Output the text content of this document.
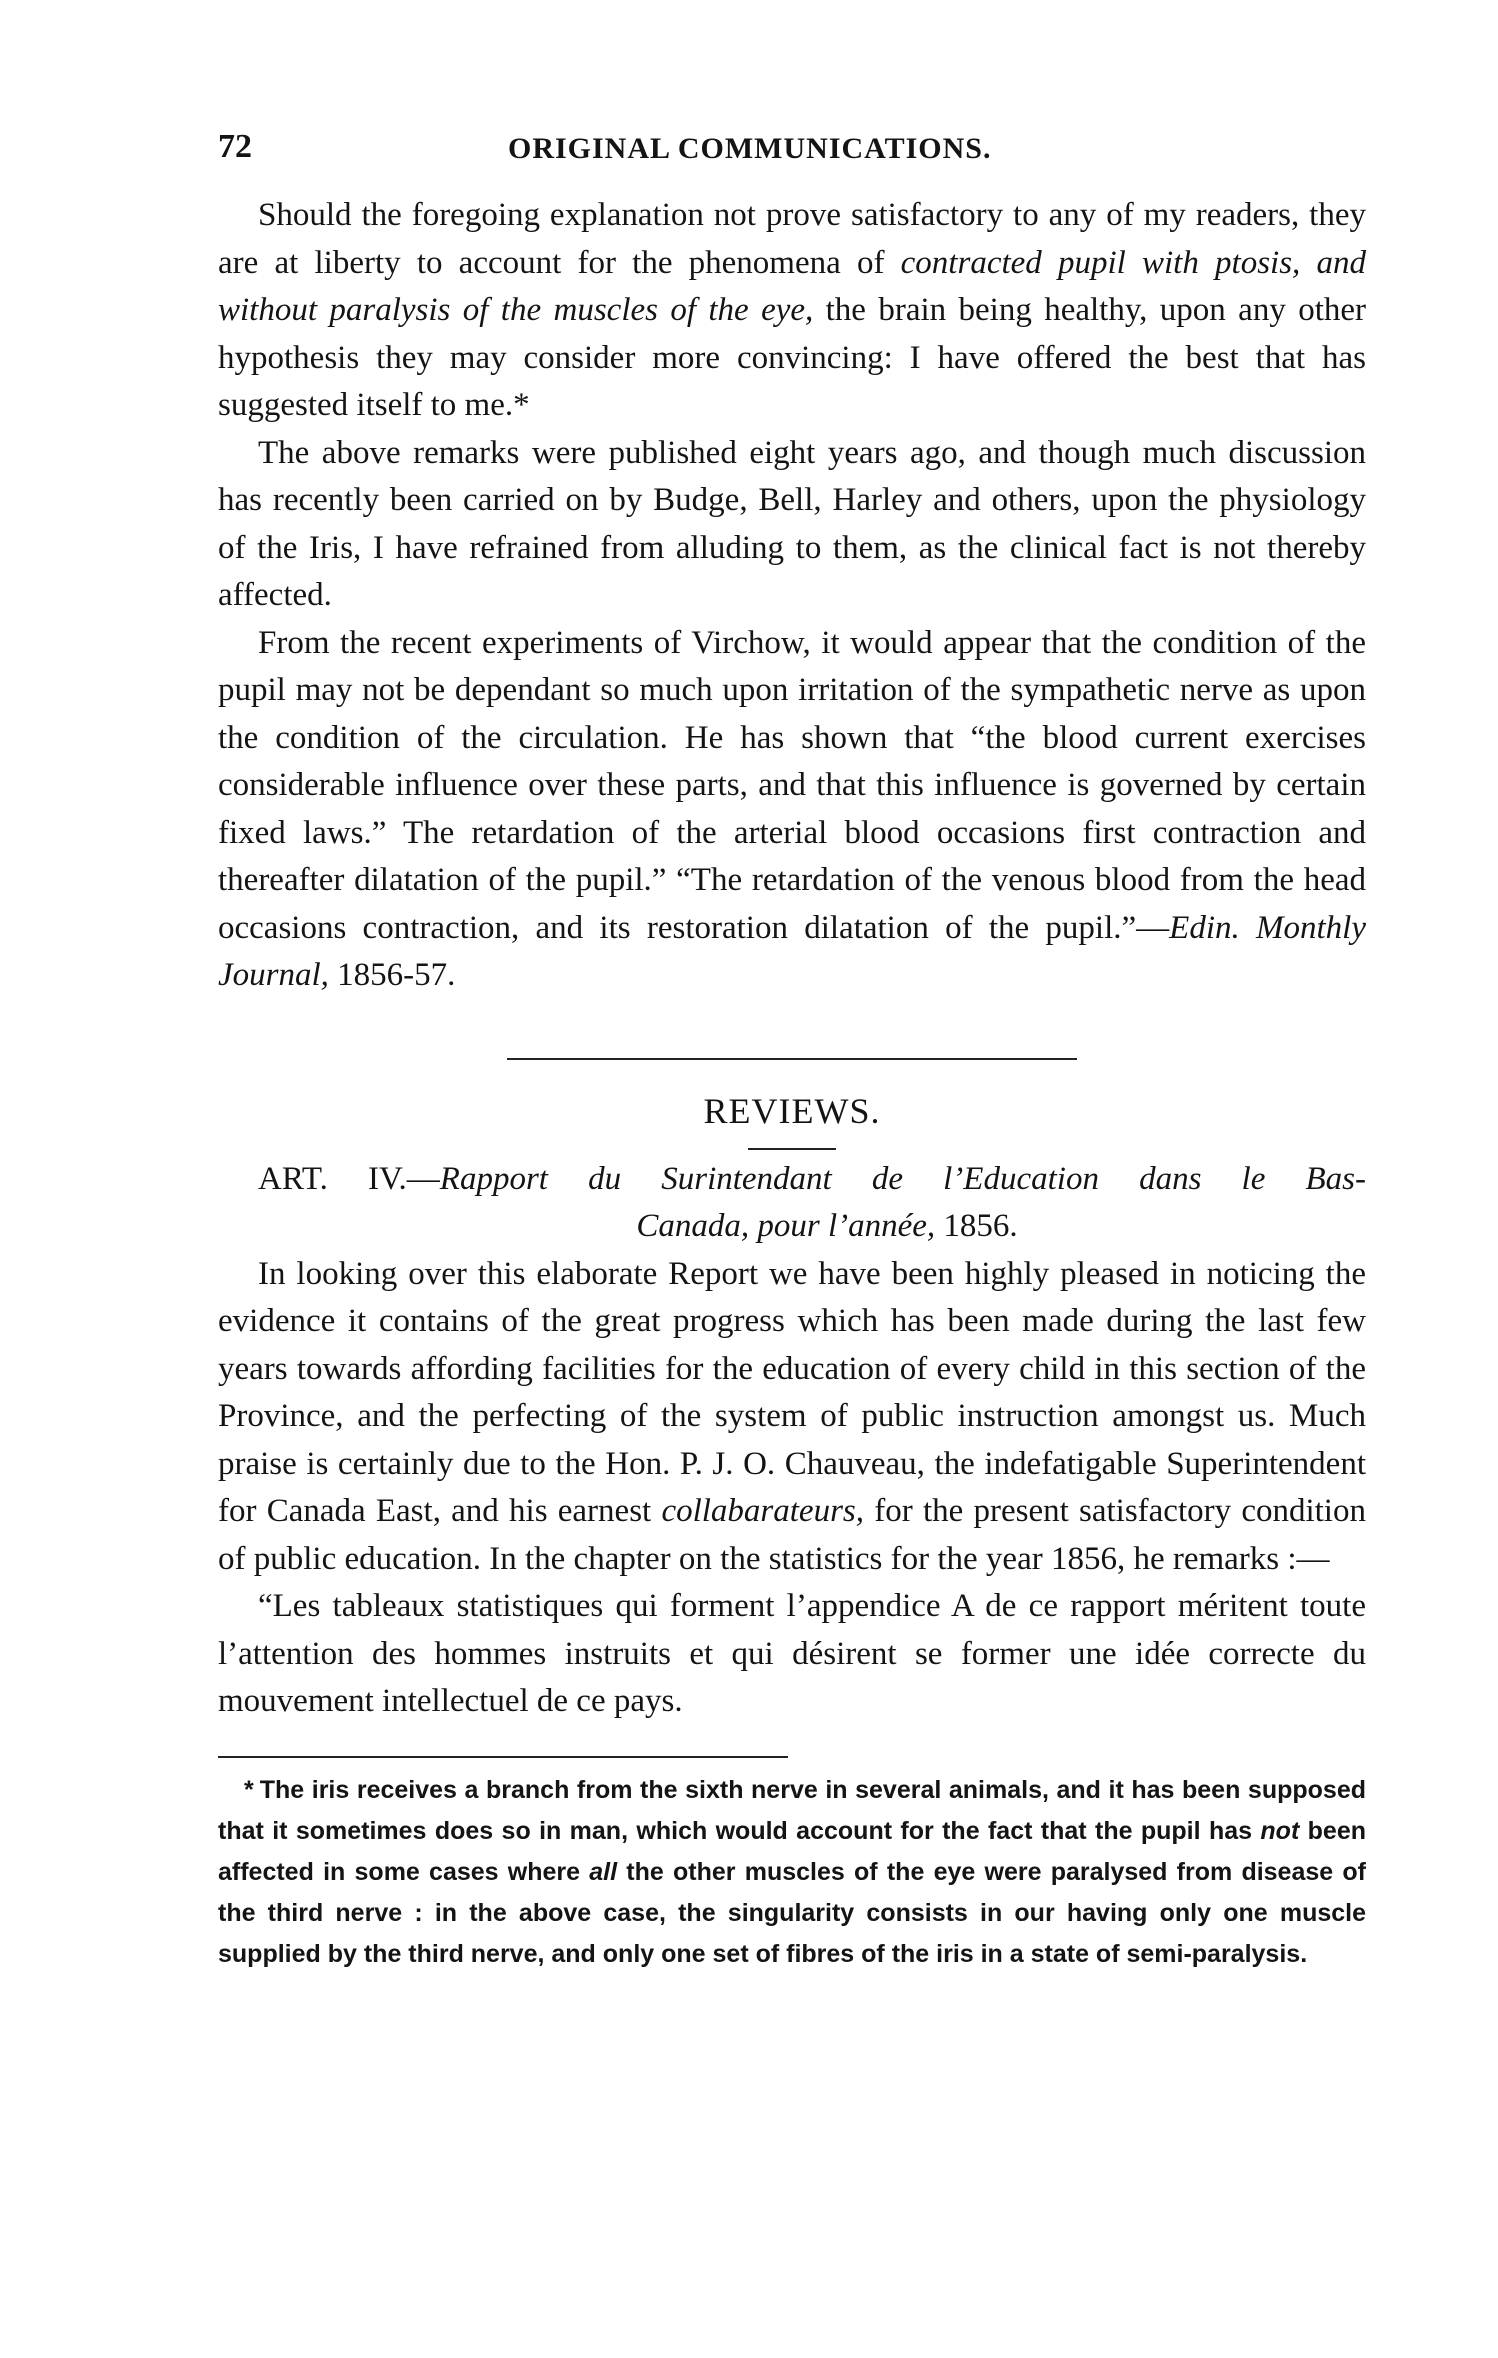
72	ORIGINAL COMMUNICATIONS.

Should the foregoing explanation not prove satisfactory to any of my readers, they are at liberty to account for the phenomena of contracted pupil with ptosis, and without paralysis of the muscles of the eye, the brain being healthy, upon any other hypothesis they may consider more convincing: I have offered the best that has suggested itself to me.*

The above remarks were published eight years ago, and though much discussion has recently been carried on by Budge, Bell, Harley and others, upon the physiology of the Iris, I have refrained from alluding to them, as the clinical fact is not thereby affected.

From the recent experiments of Virchow, it would appear that the condition of the pupil may not be dependant so much upon irritation of the sympathetic nerve as upon the condition of the circulation. He has shown that “the blood current exercises considerable influence over these parts, and that this influence is governed by certain fixed laws.” The retardation of the arterial blood occasions first contraction and thereafter dilatation of the pupil.” “The retardation of the venous blood from the head occasions contraction, and its restoration dilatation of the pupil.”—Edin. Monthly Journal, 1856-57.

REVIEWS.
ART. IV.—Rapport du Surintendant de l’Education dans le Bas-
Canada, pour l’année, 1856.

In looking over this elaborate Report we have been highly pleased in noticing the evidence it contains of the great progress which has been made during the last few years towards affording facilities for the education of every child in this section of the Province, and the perfecting of the system of public instruction amongst us. Much praise is certainly due to the Hon. P. J. O. Chauveau, the indefatigable Superintendent for Canada East, and his earnest collabarateurs, for the present satisfactory condition of public education. In the chapter on the statistics for the year 1856, he remarks :—

“Les tableaux statistiques qui forment l’appendice A de ce rapport méritent toute l’attention des hommes instruits et qui désirent se former une idée correcte du mouvement intellectuel de ce pays.

* The iris receives a branch from the sixth nerve in several animals, and it has been supposed that it sometimes does so in man, which would account for the fact that the pupil has not been affected in some cases where all the other muscles of the eye were paralysed from disease of the third nerve : in the above case, the singularity consists in our having only one muscle supplied by the third nerve, and only one set of fibres of the iris in a state of semi-paralysis.
